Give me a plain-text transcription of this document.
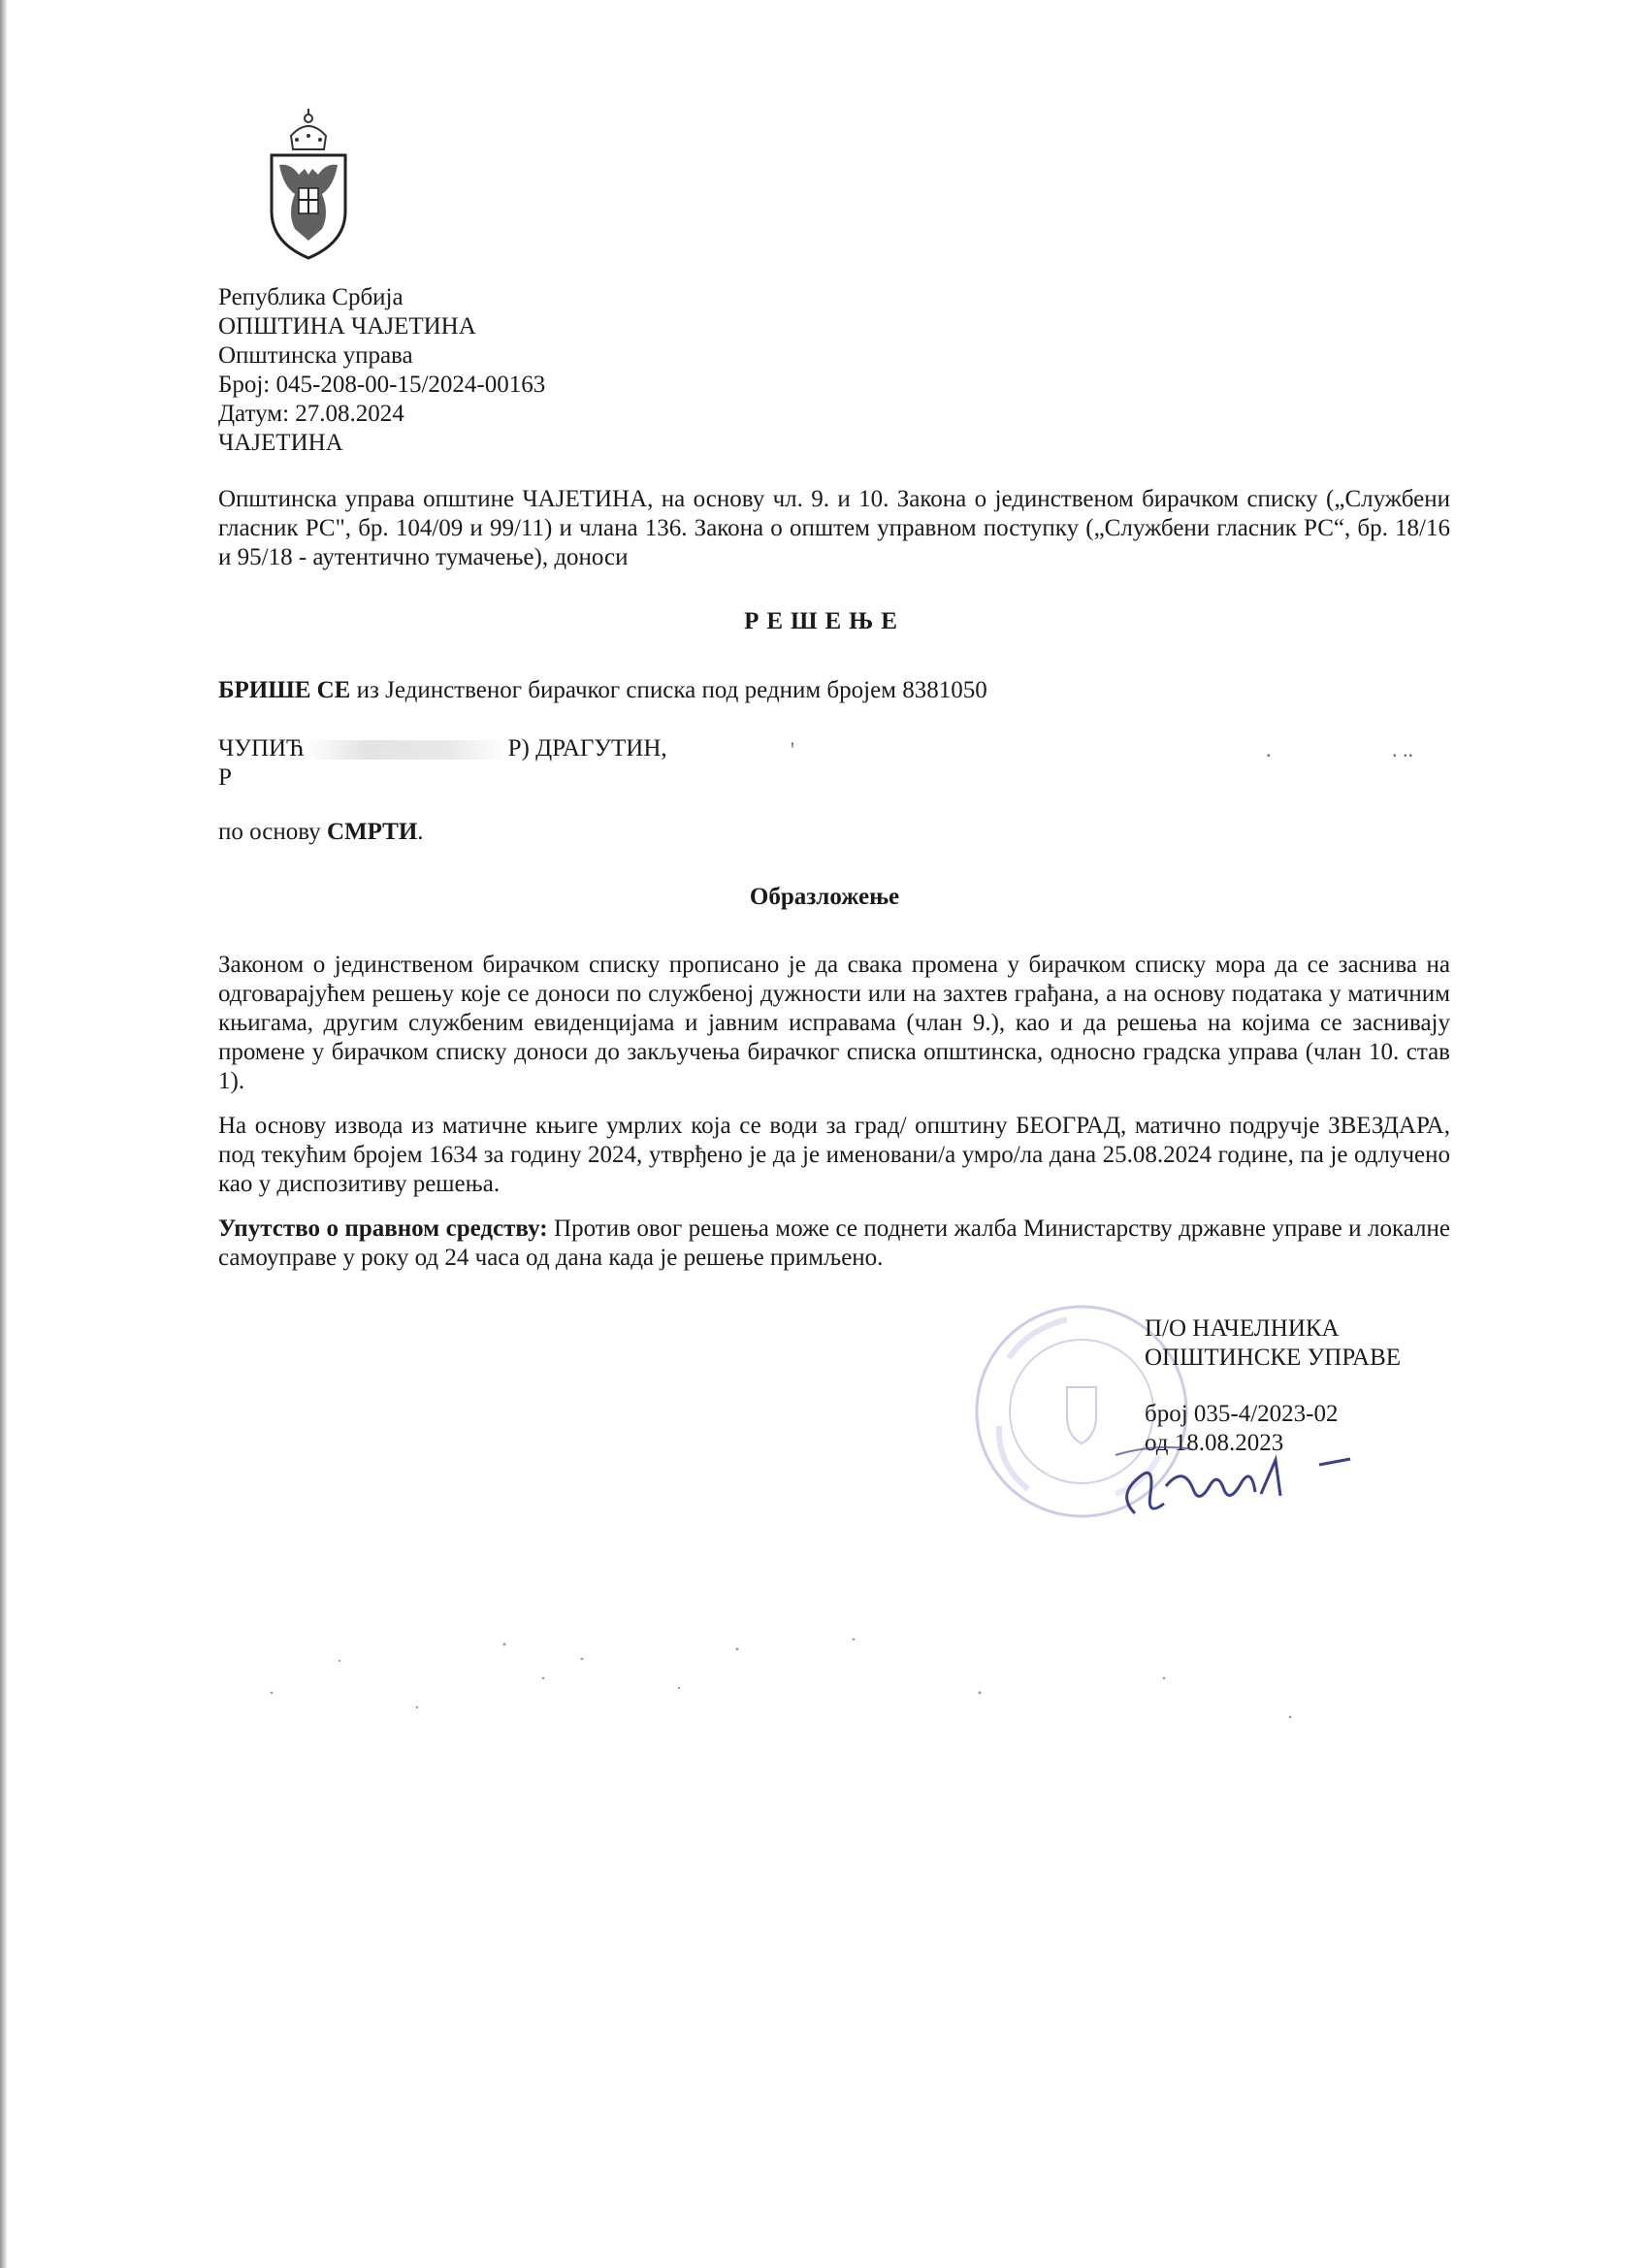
Република Србија
ОПШТИНА ЧАЈЕТИНА
Општинска управа
Број: 045-208-00-15/2024-00163
Датум: 27.08.2024
ЧАЈЕТИНА
Општинска управа општине ЧАЈЕТИНА, на основу чл. 9. и 10. Закона о јединственом бирачком списку („Службени гласник РС", бр. 104/09 и 99/11) и члана 136. Закона о општем управном поступку („Службени гласник РС“, бр. 18/16 и 95/18 - аутентично тумачење), доноси
РЕШЕЊЕ
БРИШЕ СЕ из Јединственог бирачког списка под редним бројем 8381050
ЧУПИЋ	Р) ДРАГУТИН,
Р
'	.	. ..
по основу СМРТИ.
Образложење
Законом о јединственом бирачком списку прописано је да свака промена у бирачком списку мора да се заснива на одговарајућем решењу које се доноси по службеној дужности или на захтев грађана, а на основу података у матичним књигама, другим службеним евиденцијама и јавним исправама (члан 9.), као и да решења на којима се заснивају промене у бирачком списку доноси до закључења бирачког списка општинска, односно градска управа (члан 10. став 1).
На основу извода из матичне књиге умрлих која се води за град/ општину БЕОГРАД, матично подручје ЗВЕЗДАРА, под текућим бројем 1634 за годину 2024, утврђено је да је именовани/а умро/ла дана 25.08.2024 године, па је одлучено као у диспозитиву решења.
Упутство о правном средству: Против овог решења може се поднети жалба Министарству државне управе и локалне самоуправе у року од 24 часа од дана када је решење примљено.
П/О НАЧЕЛНИКА
ОПШТИНСКЕ УПРАВЕ
број 035-4/2023-02
од 18.08.2023
